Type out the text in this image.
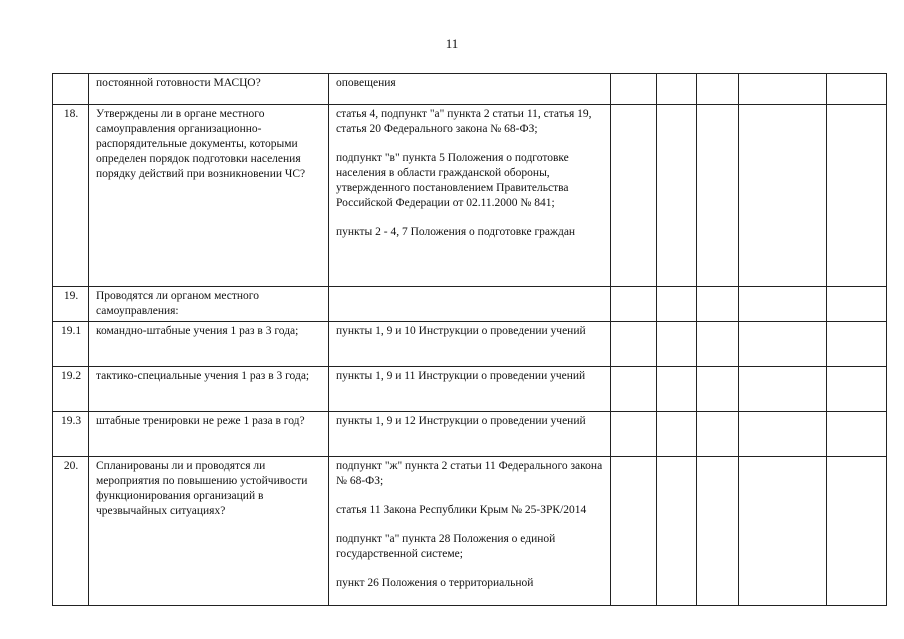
11
	постоянной готовности МАСЦО?	оповещения					

18.	Утверждены ли в органе местного самоуправления организационно-распорядительные документы, которыми определен порядок подготовки населения порядку действий при возникновении ЧС?	статья 4, подпункт "а" пункта 2 статьи 11, статья 19, статья 20 Федерального закона № 68-ФЗ;
подпункт "в" пункта 5 Положения о подготовке населения в области гражданской обороны, утвержденного постановлением Правительства Российской Федерации от 02.11.2000 № 841;
пункты 2 - 4, 7 Положения о подготовке граждан					

19.	Проводятся ли органом местного самоуправления:	

19.1	командно-штабные учения 1 раз в 3 года;	пункты 1, 9 и 10 Инструкции о проведении учений					

19.2	тактико-специальные учения 1 раз в 3 года;	пункты 1, 9 и 11 Инструкции о проведении учений					

19.3	штабные тренировки не реже 1 раза в год?	пункты 1, 9 и 12 Инструкции о проведении учений					

20.	Спланированы ли и проводятся ли мероприятия по повышению устойчивости функционирования организаций в чрезвычайных ситуациях?	подпункт "ж" пункта 2 статьи 11 Федерального закона № 68-ФЗ;
статья 11 Закона Республики Крым № 25-ЗРК/2014
подпункт "а" пункта 28 Положения о единой государственной системе;
пункт 26 Положения о территориальной					
